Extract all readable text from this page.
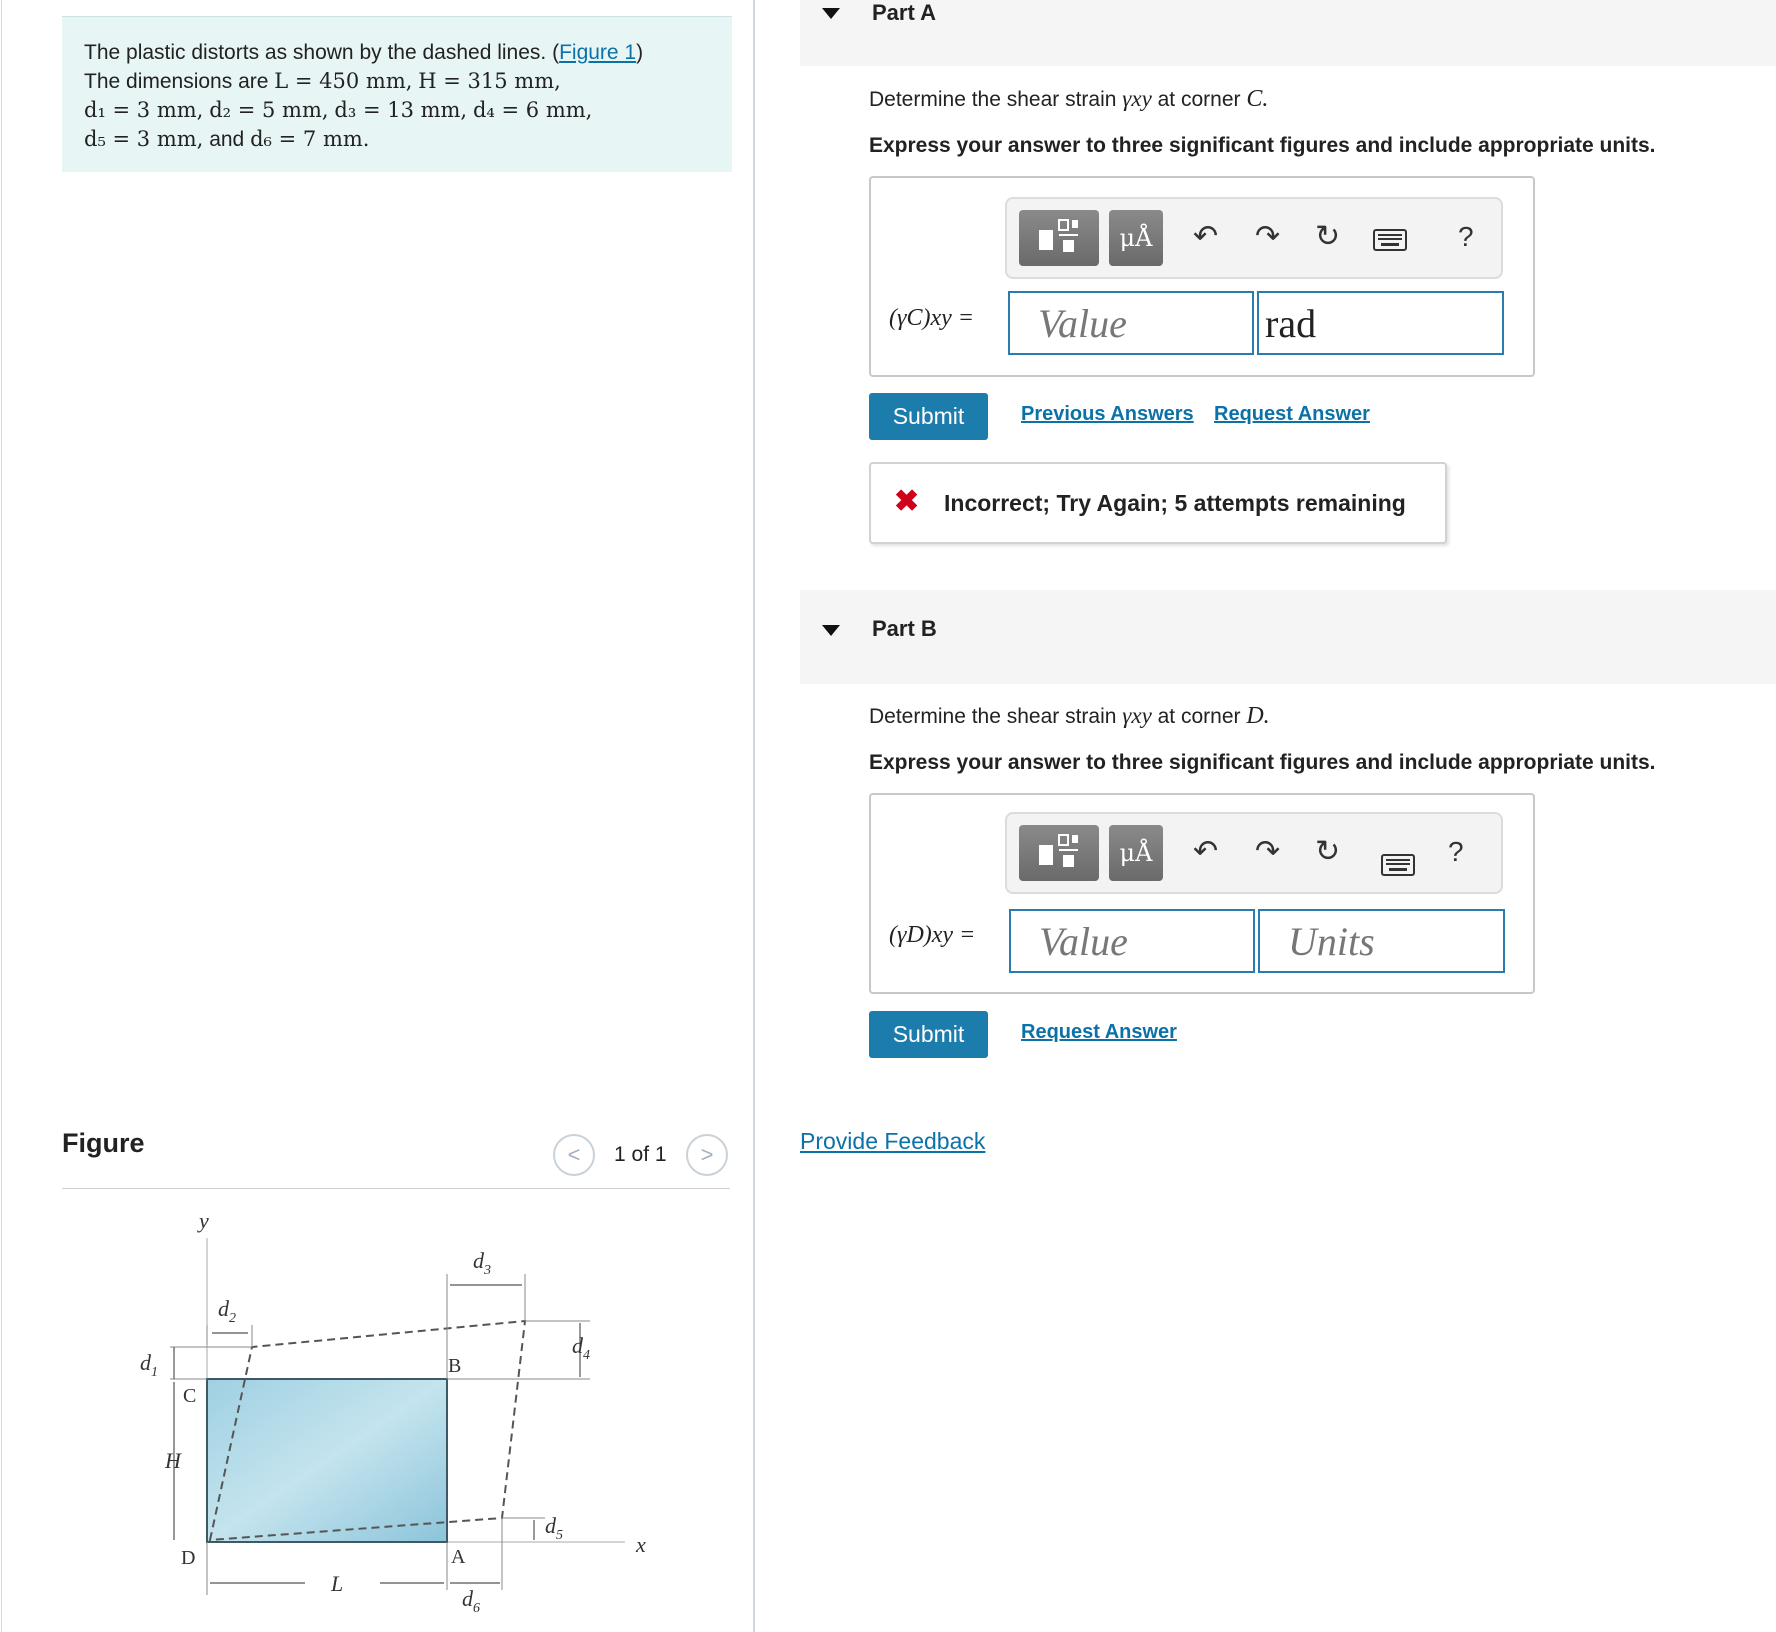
The plastic distorts as shown by the dashed lines. (Figure 1)
The dimensions are L = 450 mm, H = 315 mm,
d₁ = 3 mm, d₂ = 5 mm, d₃ = 13 mm, d₄ = 6 mm,
d₅ = 3 mm, and d₆ = 7 mm.
Figure	< 1 of 1 >
y
x
$d_1$
$d_2$
$d_3$
$d_4$
$d_5$
$d_6$
C
B
D	A
H
L
Part A
Determine the shear strain γxy at corner C.
Express your answer to three significant figures and include appropriate units.
μÅ ↶ ↷ ↻	?
(γC)xy =	Value	rad
Submit	Previous Answers Request Answer
✖ Incorrect; Try Again; 5 attempts remaining
Part B
Determine the shear strain γxy at corner D.
Express your answer to three significant figures and include appropriate units.
μÅ ↶ ↷ ↻	?
(γD)xy =	Value	Units
Submit	Request Answer
Provide Feedback
